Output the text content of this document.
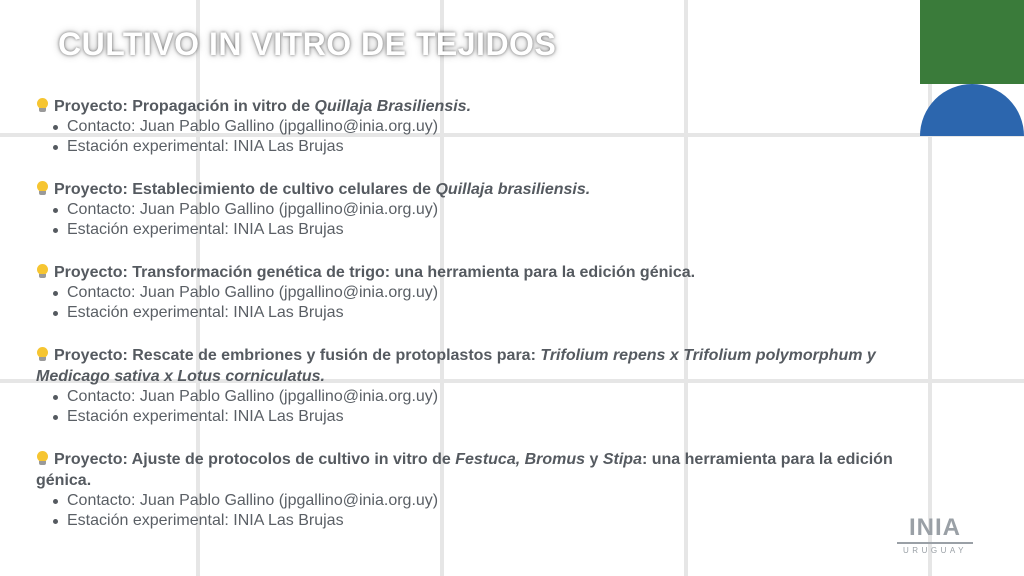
CULTIVO IN VITRO DE TEJIDOS
Proyecto: Propagación in vitro de Quillaja Brasiliensis.
Contacto: Juan Pablo Gallino (jpgallino@inia.org.uy)
Estación experimental: INIA Las Brujas
Proyecto: Establecimiento de cultivo celulares de Quillaja brasiliensis.
Contacto: Juan Pablo Gallino (jpgallino@inia.org.uy)
Estación experimental: INIA Las Brujas
Proyecto: Transformación genética de trigo: una herramienta para la edición génica.
Contacto: Juan Pablo Gallino (jpgallino@inia.org.uy)
Estación experimental: INIA Las Brujas
Proyecto: Rescate de embriones y fusión de protoplastos para: Trifolium repens x Trifolium polymorphum y Medicago sativa x Lotus corniculatus.
Contacto: Juan Pablo Gallino (jpgallino@inia.org.uy)
Estación experimental: INIA Las Brujas
Proyecto: Ajuste de protocolos de cultivo in vitro de Festuca, Bromus y Stipa: una herramienta para la edición génica.
Contacto: Juan Pablo Gallino (jpgallino@inia.org.uy)
Estación experimental: INIA Las Brujas	INIA
URUGUAY
